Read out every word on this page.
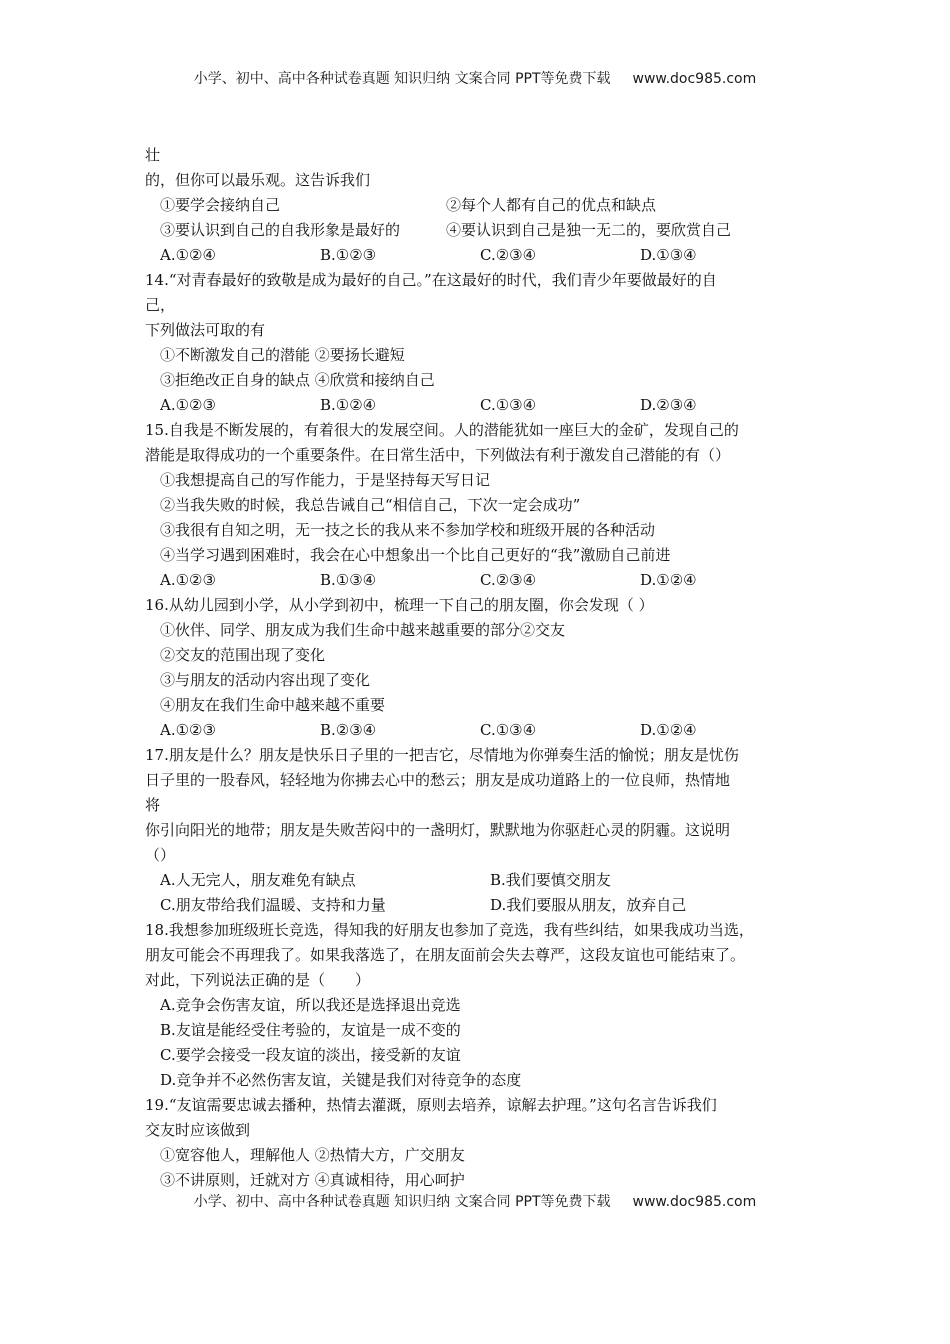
小学、初中、高中各种试卷真题 知识归纳 文案合同 PPT等免费下载 www.doc985.com
壮
的，但你可以最乐观。这告诉我们
①要学会接纳自己	②每个人都有自己的优点和缺点
③要认识到自己的自我形象是最好的	④要认识到自己是独一无二的，要欣赏自己
A.①②④	B.①②③	C.②③④	D.①③④
14.“对青春最好的致敬是成为最好的自己。”在这最好的时代，我们青少年要做最好的自
己，
下列做法可取的有
①不断激发自己的潜能 ②要扬长避短
③拒绝改正自身的缺点 ④欣赏和接纳自己
A.①②③	B.①②④	C.①③④	D.②③④
15.自我是不断发展的，有着很大的发展空间。人的潜能犹如一座巨大的金矿，发现自己的
潜能是取得成功的一个重要条件。在日常生活中，下列做法有利于激发自己潜能的有（）
①我想提高自己的写作能力，于是坚持每天写日记
②当我失败的时候，我总告诫自己“相信自己，下次一定会成功”
③我很有自知之明，无一技之长的我从来不参加学校和班级开展的各种活动
④当学习遇到困难时，我会在心中想象出一个比自己更好的“我”激励自己前进
A.①②③	B.①③④	C.②③④	D.①②④
16.从幼儿园到小学，从小学到初中，梳理一下自己的朋友圈，你会发现（ ）
①伙伴、同学、朋友成为我们生命中越来越重要的部分②交友
②交友的范围出现了变化
③与朋友的活动内容出现了变化
④朋友在我们生命中越来越不重要
A.①②③	B.②③④	C.①③④	D.①②④
17.朋友是什么？朋友是快乐日子里的一把吉它，尽情地为你弹奏生活的愉悦；朋友是忧伤
日子里的一股春风，轻轻地为你拂去心中的愁云；朋友是成功道路上的一位良师，热情地
将
你引向阳光的地带；朋友是失败苦闷中的一盏明灯，默默地为你驱赶心灵的阴霾。这说明
（）
A.人无完人，朋友难免有缺点	B.我们要慎交朋友
C.朋友带给我们温暖、支持和力量	D.我们要服从朋友，放弃自己
18.我想参加班级班长竞选，得知我的好朋友也参加了竞选，我有些纠结，如果我成功当选，
朋友可能会不再理我了。如果我落选了，在朋友面前会失去尊严，这段友谊也可能结束了。
对此，下列说法正确的是（　　）
A.竞争会伤害友谊，所以我还是选择退出竞选
B.友谊是能经受住考验的，友谊是一成不变的
C.要学会接受一段友谊的淡出，接受新的友谊
D.竞争并不必然伤害友谊，关键是我们对待竞争的态度
19.“友谊需要忠诚去播种，热情去灌溉，原则去培养，谅解去护理。”这句名言告诉我们
交友时应该做到
①宽容他人，理解他人 ②热情大方，广交朋友
③不讲原则，迁就对方 ④真诚相待，用心呵护
小学、初中、高中各种试卷真题 知识归纳 文案合同 PPT等免费下载 www.doc985.com
